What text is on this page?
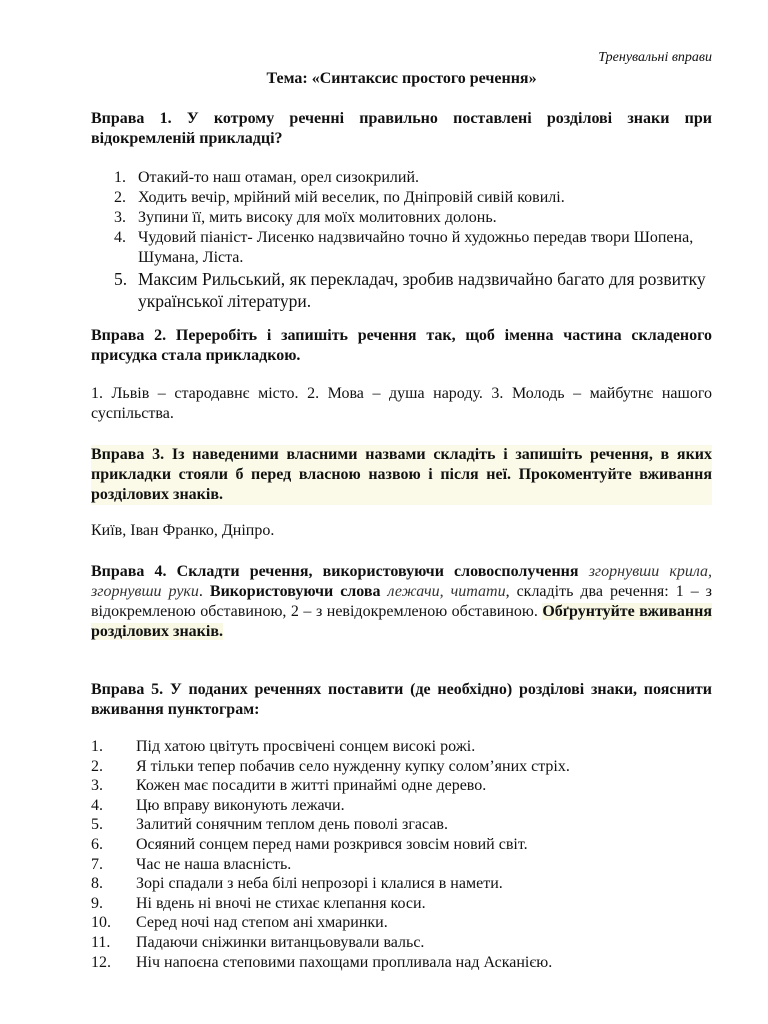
Тренувальні вправи
Тема: «Синтаксис простого речення»
Вправа 1. У котрому реченні правильно поставлені розділові знаки при відокремленій прикладці?
1. Отакий-то наш отаман, орел сизокрилий.
2. Ходить вечір, мрійний мій веселик, по Дніпровій сивій ковилі.
3. Зупини її, мить високу для моїх молитовних долонь.
4. Чудовий піаніст- Лисенко надзвичайно точно й художньо передав твори Шопена, Шумана, Ліста.
5. Максим Рильський, як перекладач, зробив надзвичайно багато для розвитку української літератури.
Вправа 2. Переробіть і запишіть речення так, щоб іменна частина складеного присудка стала прикладкою.
1. Львів – стародавнє місто. 2. Мова – душа народу. 3. Молодь – майбутнє нашого суспільства.
Вправа 3. Із наведеними власними назвами складіть і запишіть речення, в яких прикладки стояли б перед власною назвою і після неї. Прокоментуйте вживання розділових знаків.
Київ, Іван Франко, Дніпро.
Вправа 4. Складти речення, використовуючи словосполучення згорнувши крила, згорнувши руки. Використовуючи слова лежачи, читати, складіть два речення: 1 – з відокремленою обставиною, 2 – з невідокремленою обставиною. Обґрунтуйте вживання розділових знаків.
Вправа 5. У поданих реченнях поставити (де необхідно) розділові знаки, пояснити вживання пунктограм:
1. Під хатою цвітуть просвічені сонцем високі рожі.
2. Я тільки тепер побачив село нужденну купку солом’яних стріх.
3. Кожен має посадити в житті принаймі одне дерево.
4. Цю вправу виконують лежачи.
5. Залитий сонячним теплом день поволі згасав.
6. Осяяний сонцем перед нами розкрився зовсім новий світ.
7. Час не наша власність.
8. Зорі спадали з неба білі непрозорі і клалися в намети.
9. Ні вдень ні вночі не стихає клепання коси.
10. Серед ночі над степом ані хмаринки.
11. Падаючи сніжинки витанцьовували вальс.
12. Ніч напоєна степовими пахощами пропливала над Асканією.
